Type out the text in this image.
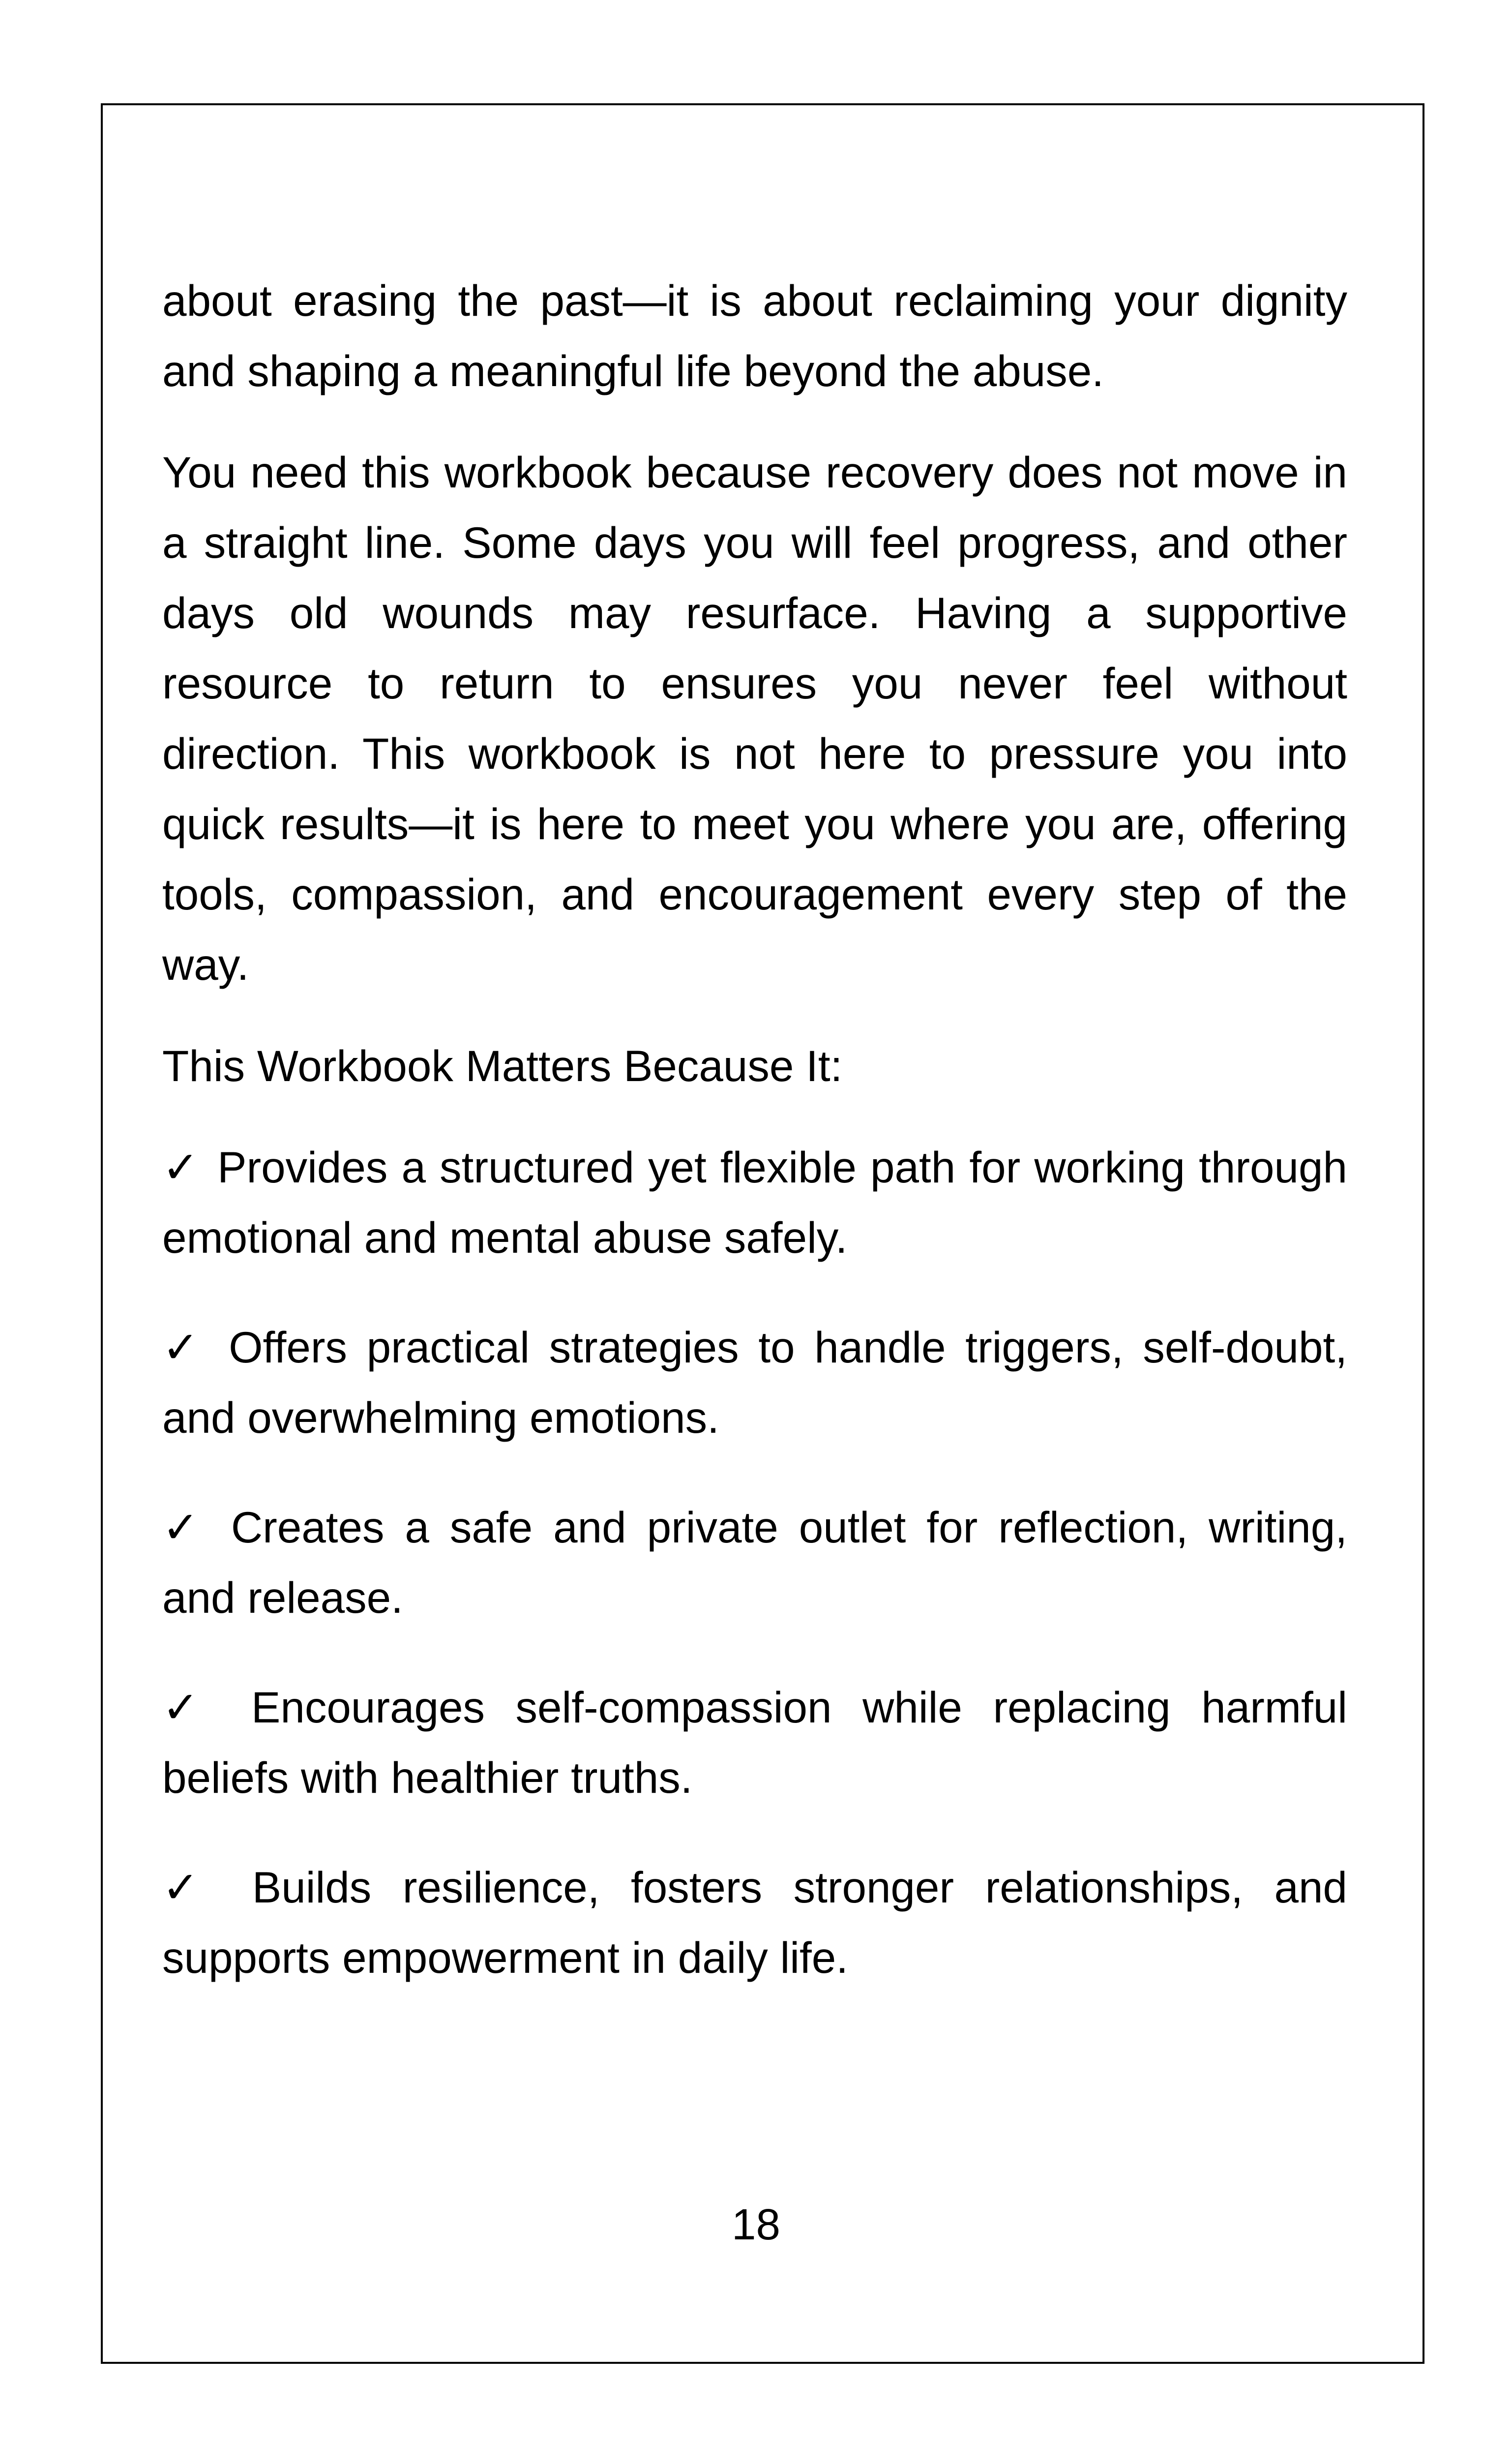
about erasing the past—it is about reclaiming your dignity and shaping a meaningful life beyond the abuse.

You need this workbook because recovery does not move in a straight line. Some days you will feel progress, and other days old wounds may resurface. Having a supportive resource to return to ensures you never feel without direction. This workbook is not here to pressure you into quick results—it is here to meet you where you are, offering tools, compassion, and encouragement every step of the way.

This Workbook Matters Because It:

✓ Provides a structured yet flexible path for working through emotional and mental abuse safely.

✓ Offers practical strategies to handle triggers, self-doubt, and overwhelming emotions.

✓ Creates a safe and private outlet for reflection, writing, and release.

✓ Encourages self-compassion while replacing harmful beliefs with healthier truths.

✓ Builds resilience, fosters stronger relationships, and supports empowerment in daily life.

18
